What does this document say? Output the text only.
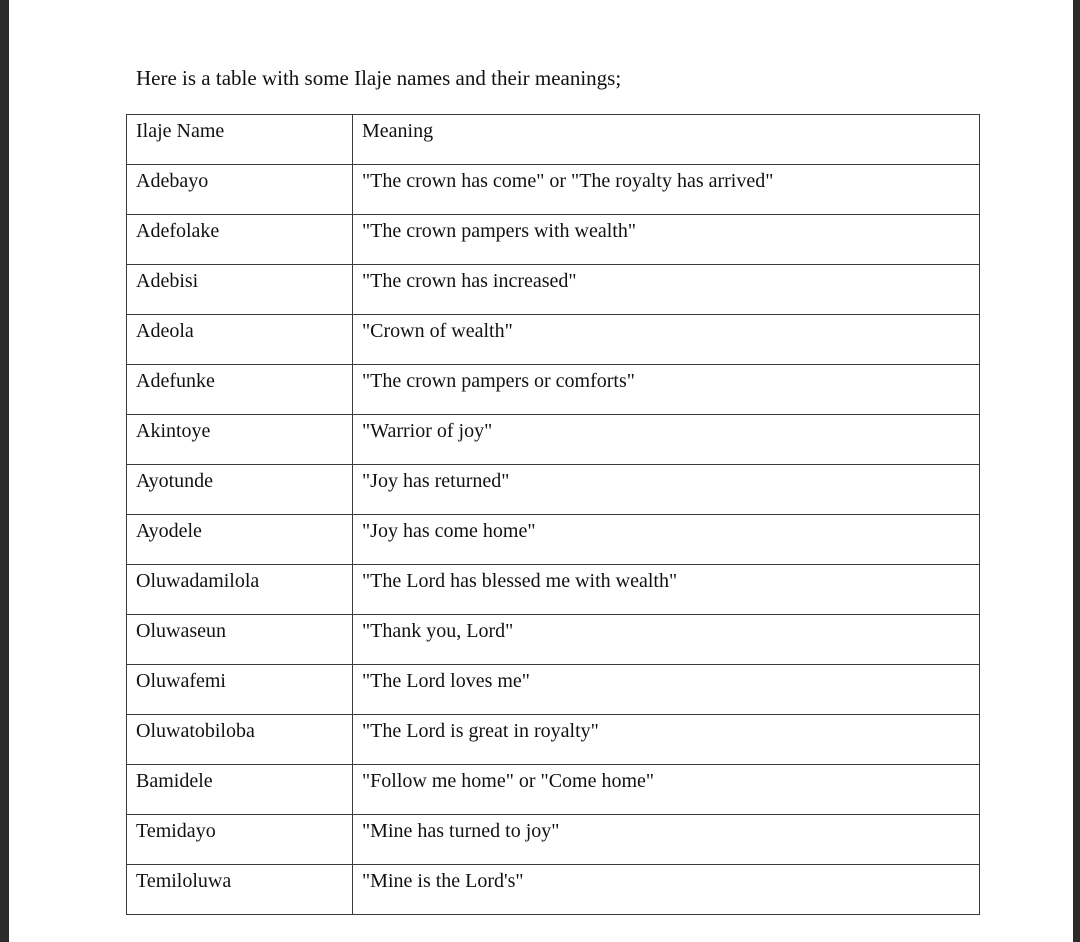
Here is a table with some Ilaje names and their meanings;
Ilaje Name	Meaning

Adebayo	"The crown has come" or "The royalty has arrived"

Adefolake	"The crown pampers with wealth"

Adebisi	"The crown has increased"

Adeola	"Crown of wealth"

Adefunke	"The crown pampers or comforts"

Akintoye	"Warrior of joy"

Ayotunde	"Joy has returned"

Ayodele	"Joy has come home"

Oluwadamilola	"The Lord has blessed me with wealth"

Oluwaseun	"Thank you, Lord"

Oluwafemi	"The Lord loves me"

Oluwatobiloba	"The Lord is great in royalty"

Bamidele	"Follow me home" or "Come home"

Temidayo	"Mine has turned to joy"

Temiloluwa	"Mine is the Lord's"
